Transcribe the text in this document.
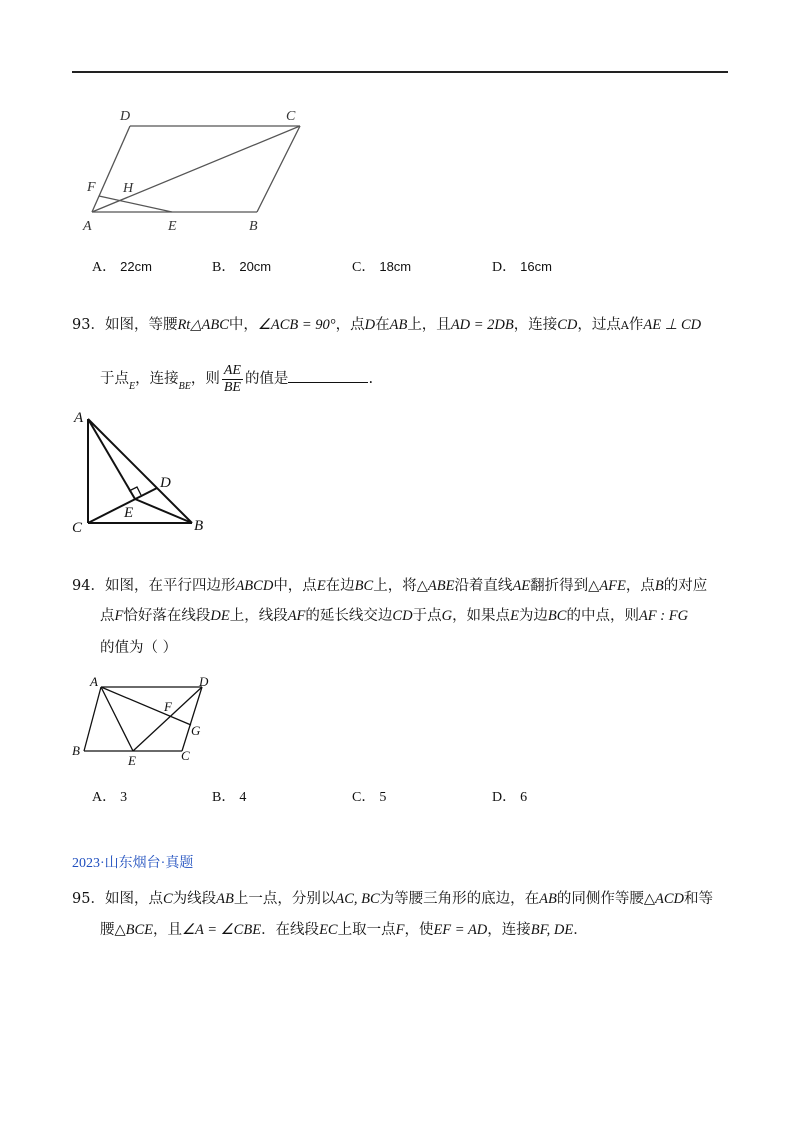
D	C
F H
A	E	B
A． 22cm	B． 20cm	C． 18cm	D． 16cm
93．如图，等腰Rt△ABC中，∠ACB = 90°，点D在AB上，且AD = 2DB，连接CD，过点A作AE ⊥ CD
于点$_E$，连接$_{BE}$，则 $\frac{AE}{BE}$ 的值是	.
A
D
E
C	B
94．如图，在平行四边形ABCD中，点E在边BC上，将△ABE沿着直线AE翻折得到△AFE，点B的对应
点F恰好落在线段DE上，线段AF的延长线交边CD于点G，如果点E为边BC的中点，则AF : FG
的值为（ ）
A	D
F
G
B
E	C
A． 3	B． 4	C． 5	D． 6
2023·山东烟台·真题
95．如图，点C为线段AB上一点，分别以AC, BC为等腰三角形的底边，在AB的同侧作等腰△ACD和等
腰△BCE，且∠A = ∠CBE．在线段EC上取一点F，使EF = AD，连接BF, DE．
